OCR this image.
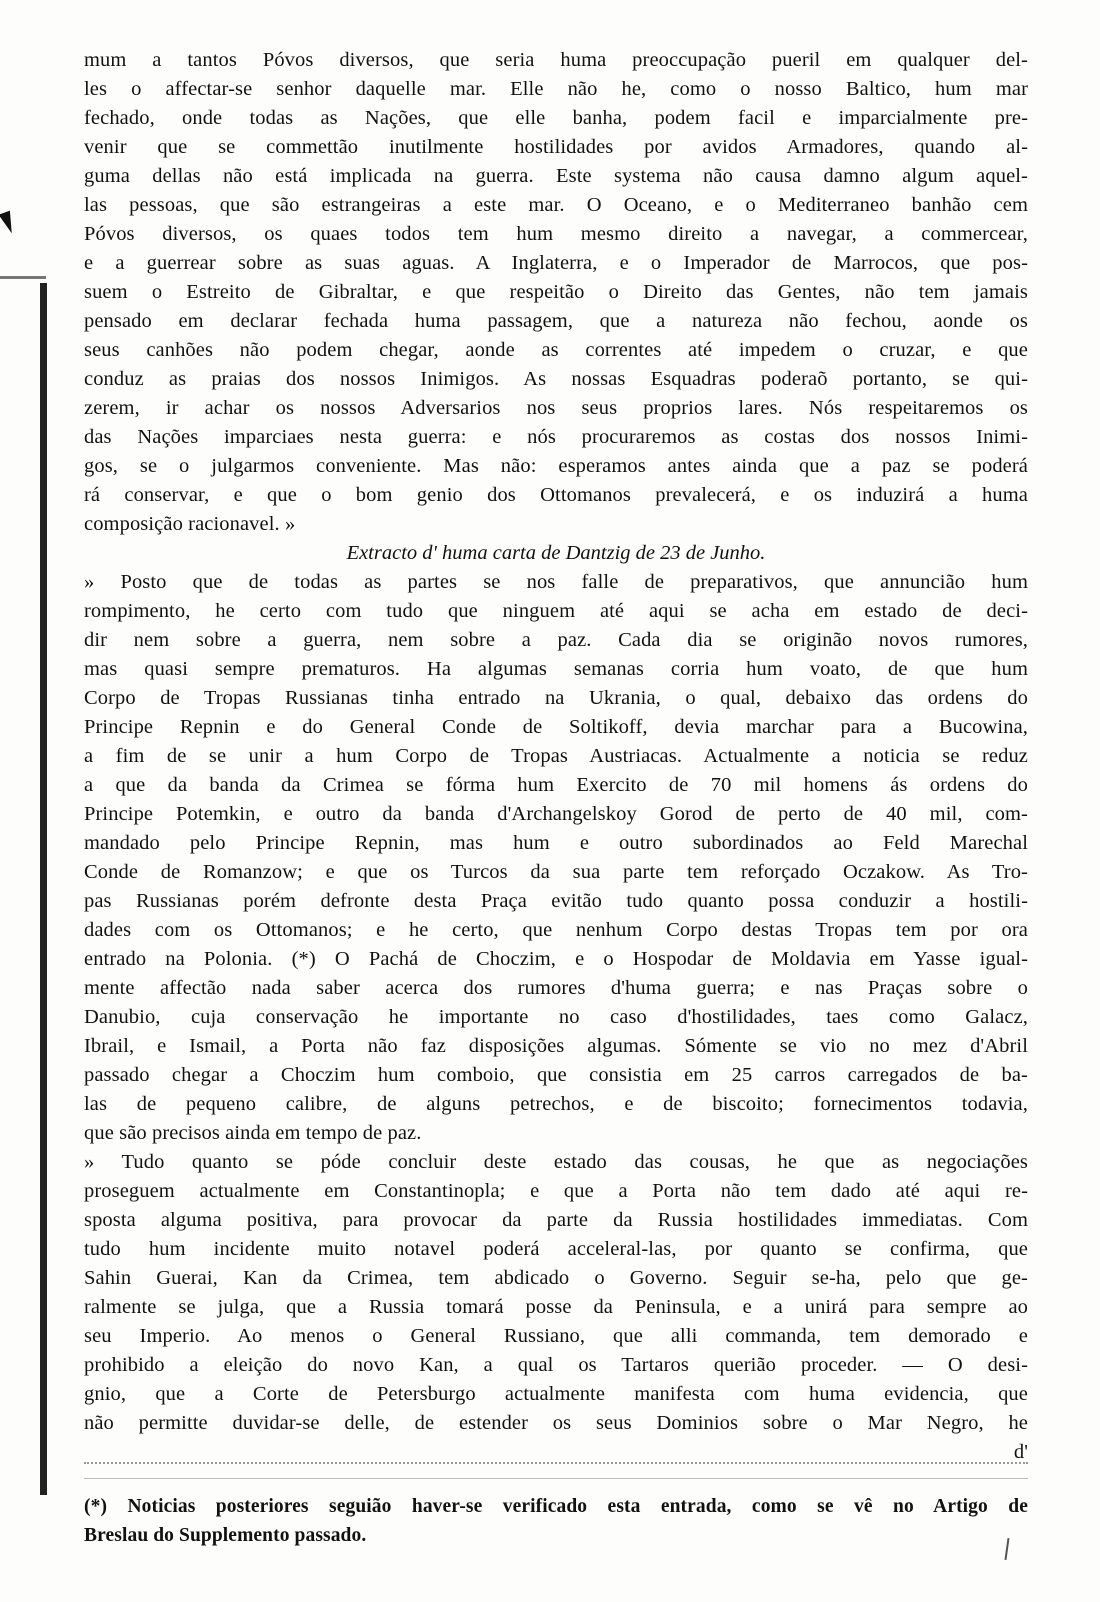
mum a tantos Póvos diversos, que seria huma preoccupação pueril em qualquer del-
les o affectar-se senhor daquelle mar. Elle não he, como o nosso Baltico, hum mar
fechado, onde todas as Nações, que elle banha, podem facil e imparcialmente pre-
venir que se commettão inutilmente hostilidades por avidos Armadores, quando al-
guma dellas não está implicada na guerra. Este systema não causa damno algum aquel-
las pessoas, que são estrangeiras a este mar. O Oceano, e o Mediterraneo banhão cem
Póvos diversos, os quaes todos tem hum mesmo direito a navegar, a commercear,
e a guerrear sobre as suas aguas. A Inglaterra, e o Imperador de Marrocos, que pos-
suem o Estreito de Gibraltar, e que respeitão o Direito das Gentes, não tem jamais
pensado em declarar fechada huma passagem, que a natureza não fechou, aonde os
seus canhões não podem chegar, aonde as correntes até impedem o cruzar, e que
conduz as praias dos nossos Inimigos. As nossas Esquadras poderaõ portanto, se qui-
zerem, ir achar os nossos Adversarios nos seus proprios lares. Nós respeitaremos os
das Nações imparciaes nesta guerra: e nós procuraremos as costas dos nossos Inimi-
gos, se o julgarmos conveniente. Mas não: esperamos antes ainda que a paz se poderá
rá conservar, e que o bom genio dos Ottomanos prevalecerá, e os induzirá a huma
composição racionavel. »
Extracto d' huma carta de Dantzig de 23 de Junho.
» Posto que de todas as partes se nos falle de preparativos, que annuncião hum
rompimento, he certo com tudo que ninguem até aqui se acha em estado de deci-
dir nem sobre a guerra, nem sobre a paz. Cada dia se originão novos rumores,
mas quasi sempre prematuros. Ha algumas semanas corria hum voato, de que hum
Corpo de Tropas Russianas tinha entrado na Ukrania, o qual, debaixo das ordens do
Principe Repnin e do General Conde de Soltikoff, devia marchar para a Bucowina,
a fim de se unir a hum Corpo de Tropas Austriacas. Actualmente a noticia se reduz
a que da banda da Crimea se fórma hum Exercito de 70 mil homens ás ordens do
Principe Potemkin, e outro da banda d'Archangelskoy Gorod de perto de 40 mil, com-
mandado pelo Principe Repnin, mas hum e outro subordinados ao Feld Marechal
Conde de Romanzow; e que os Turcos da sua parte tem reforçado Oczakow. As Tro-
pas Russianas porém defronte desta Praça evitão tudo quanto possa conduzir a hostili-
dades com os Ottomanos; e he certo, que nenhum Corpo destas Tropas tem por ora
entrado na Polonia. (*) O Pachá de Choczim, e o Hospodar de Moldavia em Yasse igual-
mente affectão nada saber acerca dos rumores d'huma guerra; e nas Praças sobre o
Danubio, cuja conservação he importante no caso d'hostilidades, taes como Galacz,
Ibrail, e Ismail, a Porta não faz disposições algumas. Sómente se vio no mez d'Abril
passado chegar a Choczim hum comboio, que consistia em 25 carros carregados de ba-
las de pequeno calibre, de alguns petrechos, e de biscoito; fornecimentos todavia,
que são precisos ainda em tempo de paz.
» Tudo quanto se póde concluir deste estado das cousas, he que as negociações
proseguem actualmente em Constantinopla; e que a Porta não tem dado até aqui re-
sposta alguma positiva, para provocar da parte da Russia hostilidades immediatas. Com
tudo hum incidente muito notavel poderá acceleral-las, por quanto se confirma, que
Sahin Guerai, Kan da Crimea, tem abdicado o Governo. Seguir se-ha, pelo que ge-
ralmente se julga, que a Russia tomará posse da Peninsula, e a unirá para sempre ao
seu Imperio. Ao menos o General Russiano, que alli commanda, tem demorado e
prohibido a eleição do novo Kan, a qual os Tartaros querião proceder. — O desi-
gnio, que a Corte de Petersburgo actualmente manifesta com huma evidencia, que
não permitte duvidar-se delle, de estender os seus Dominios sobre o Mar Negro, he
d'
(*) Noticias posteriores seguião haver-se verificado esta entrada, como se vê no Artigo de
Breslau do Supplemento passado.
